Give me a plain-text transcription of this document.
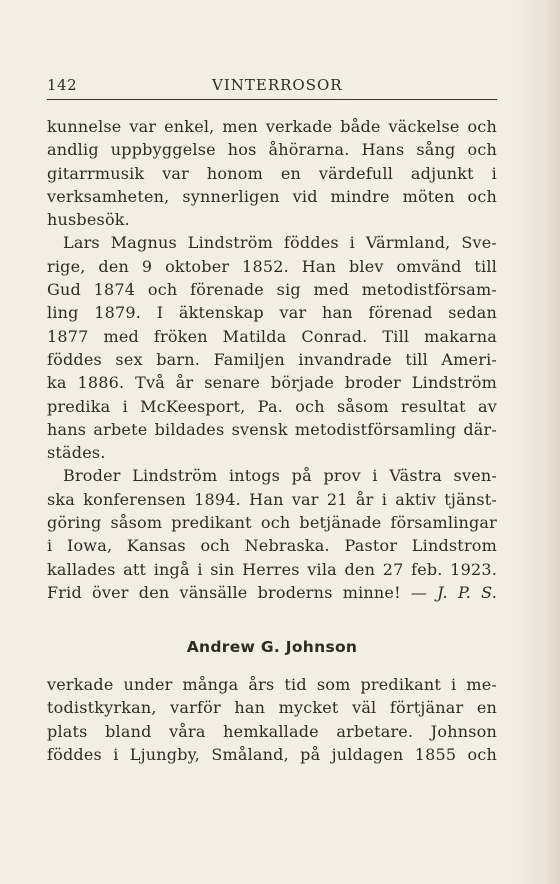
142	VINTERROSOR
kunnelse var enkel, men verkade både väckelse och
andlig uppbyggelse hos åhörarna. Hans sång och
gitarrmusik var honom en värdefull adjunkt i
verksamheten, synnerligen vid mindre möten och
husbesök.
Lars Magnus Lindström föddes i Värmland, Sve-
rige, den 9 oktober 1852. Han blev omvänd till
Gud 1874 och förenade sig med metodistförsam-
ling 1879. I äktenskap var han förenad sedan
1877 med fröken Matilda Conrad. Till makarna
föddes sex barn. Familjen invandrade till Ameri-
ka 1886. Två år senare började broder Lindström
predika i McKeesport, Pa. och såsom resultat av
hans arbete bildades svensk metodistförsamling där-
städes.
Broder Lindström intogs på prov i Västra sven-
ska konferensen 1894. Han var 21 år i aktiv tjänst-
göring såsom predikant och betjänade församlingar
i Iowa, Kansas och Nebraska. Pastor Lindstrom
kallades att ingå i sin Herres vila den 27 feb. 1923.
Frid över den vänsälle broderns minne! — J. P. S.
Andrew G. Johnson
verkade under många års tid som predikant i me-
todistkyrkan, varför han mycket väl förtjänar en
plats bland våra hemkallade arbetare. Johnson
föddes i Ljungby, Småland, på juldagen 1855 och
